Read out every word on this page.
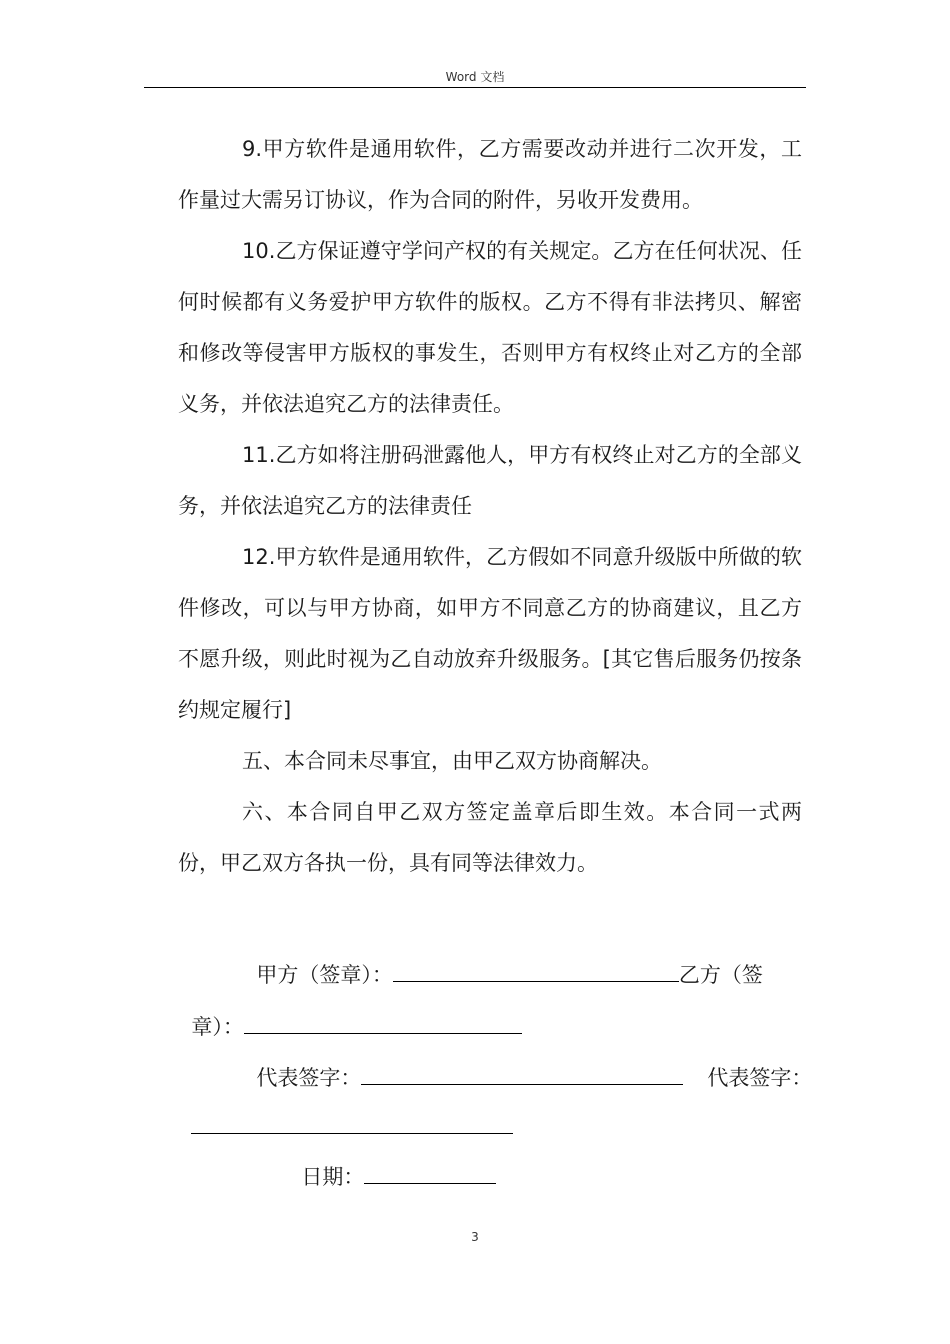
Word 文档

9.甲方软件是通用软件，乙方需要改动并进行二次开发，工作量过大需另订协议，作为合同的附件，另收开发费用。

10.乙方保证遵守学问产权的有关规定。乙方在任何状况、任何时候都有义务爱护甲方软件的版权。乙方不得有非法拷贝、解密和修改等侵害甲方版权的事发生，否则甲方有权终止对乙方的全部义务，并依法追究乙方的法律责任。

11.乙方如将注册码泄露他人，甲方有权终止对乙方的全部义务，并依法追究乙方的法律责任

12.甲方软件是通用软件，乙方假如不同意升级版中所做的软件修改，可以与甲方协商，如甲方不同意乙方的协商建议，且乙方不愿升级，则此时视为乙自动放弃升级服务。[其它售后服务仍按条约规定履行]

五、本合同未尽事宜，由甲乙双方协商解决。

六、本合同自甲乙双方签定盖章后即生效。本合同一式两份，甲乙双方各执一份，具有同等法律效力。

甲方（签章）：	乙方（签

章）：

代表签字：	代表签字：

日期：

3
